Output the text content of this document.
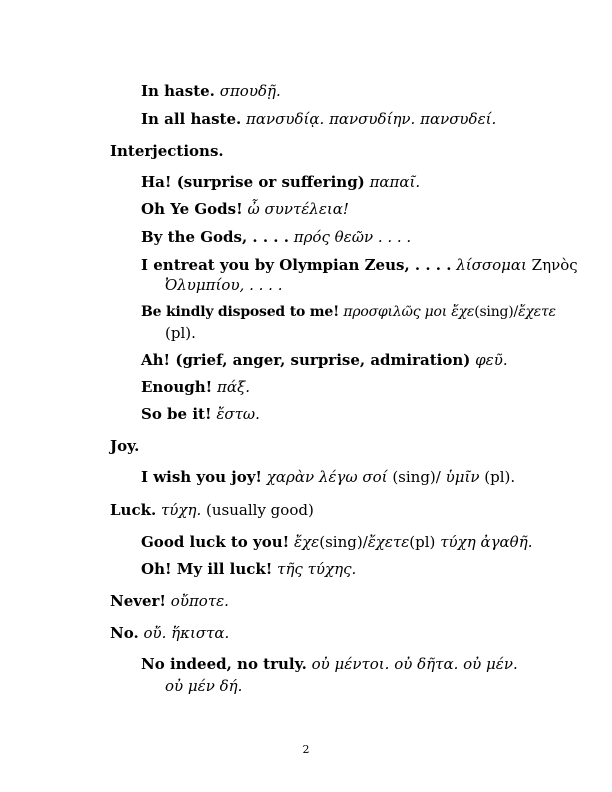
In haste. σπουδῇ.
In all haste. πανσυδίᾳ. πανσυδίην. πανσυδεί.
Interjections.
Ha! (surprise or suffering) παπαῖ.
Oh Ye Gods! ὦ συντέλεια!
By the Gods, . . . . πρός θεῶν . . . .
I entreat you by Olympian Zeus, . . . . λίσσομαι Ζηνὸς
Ὀλυμπίου, . . . .
Be kindly disposed to me! προσφιλῶς μοι ἔχε(sing)/ἔχετε
(pl).
Ah! (grief, anger, surprise, admiration) φεῦ.
Enough! πάξ.
So be it! ἔστω.
Joy.
I wish you joy! χαρὰν λέγω σοί (sing)/ ὑμῖν (pl).
Luck. τύχη. (usually good)
Good luck to you! ἔχε(sing)/ἔχετε(pl) τύχη ἀγαθῆ.
Oh! My ill luck! τῆς τύχης.
Never! οὔποτε.
No. οὔ. ἥκιστα.
No indeed, no truly. οὐ μέντοι. οὐ δῆτα. οὐ μέν.
οὐ μέν δή.
2
